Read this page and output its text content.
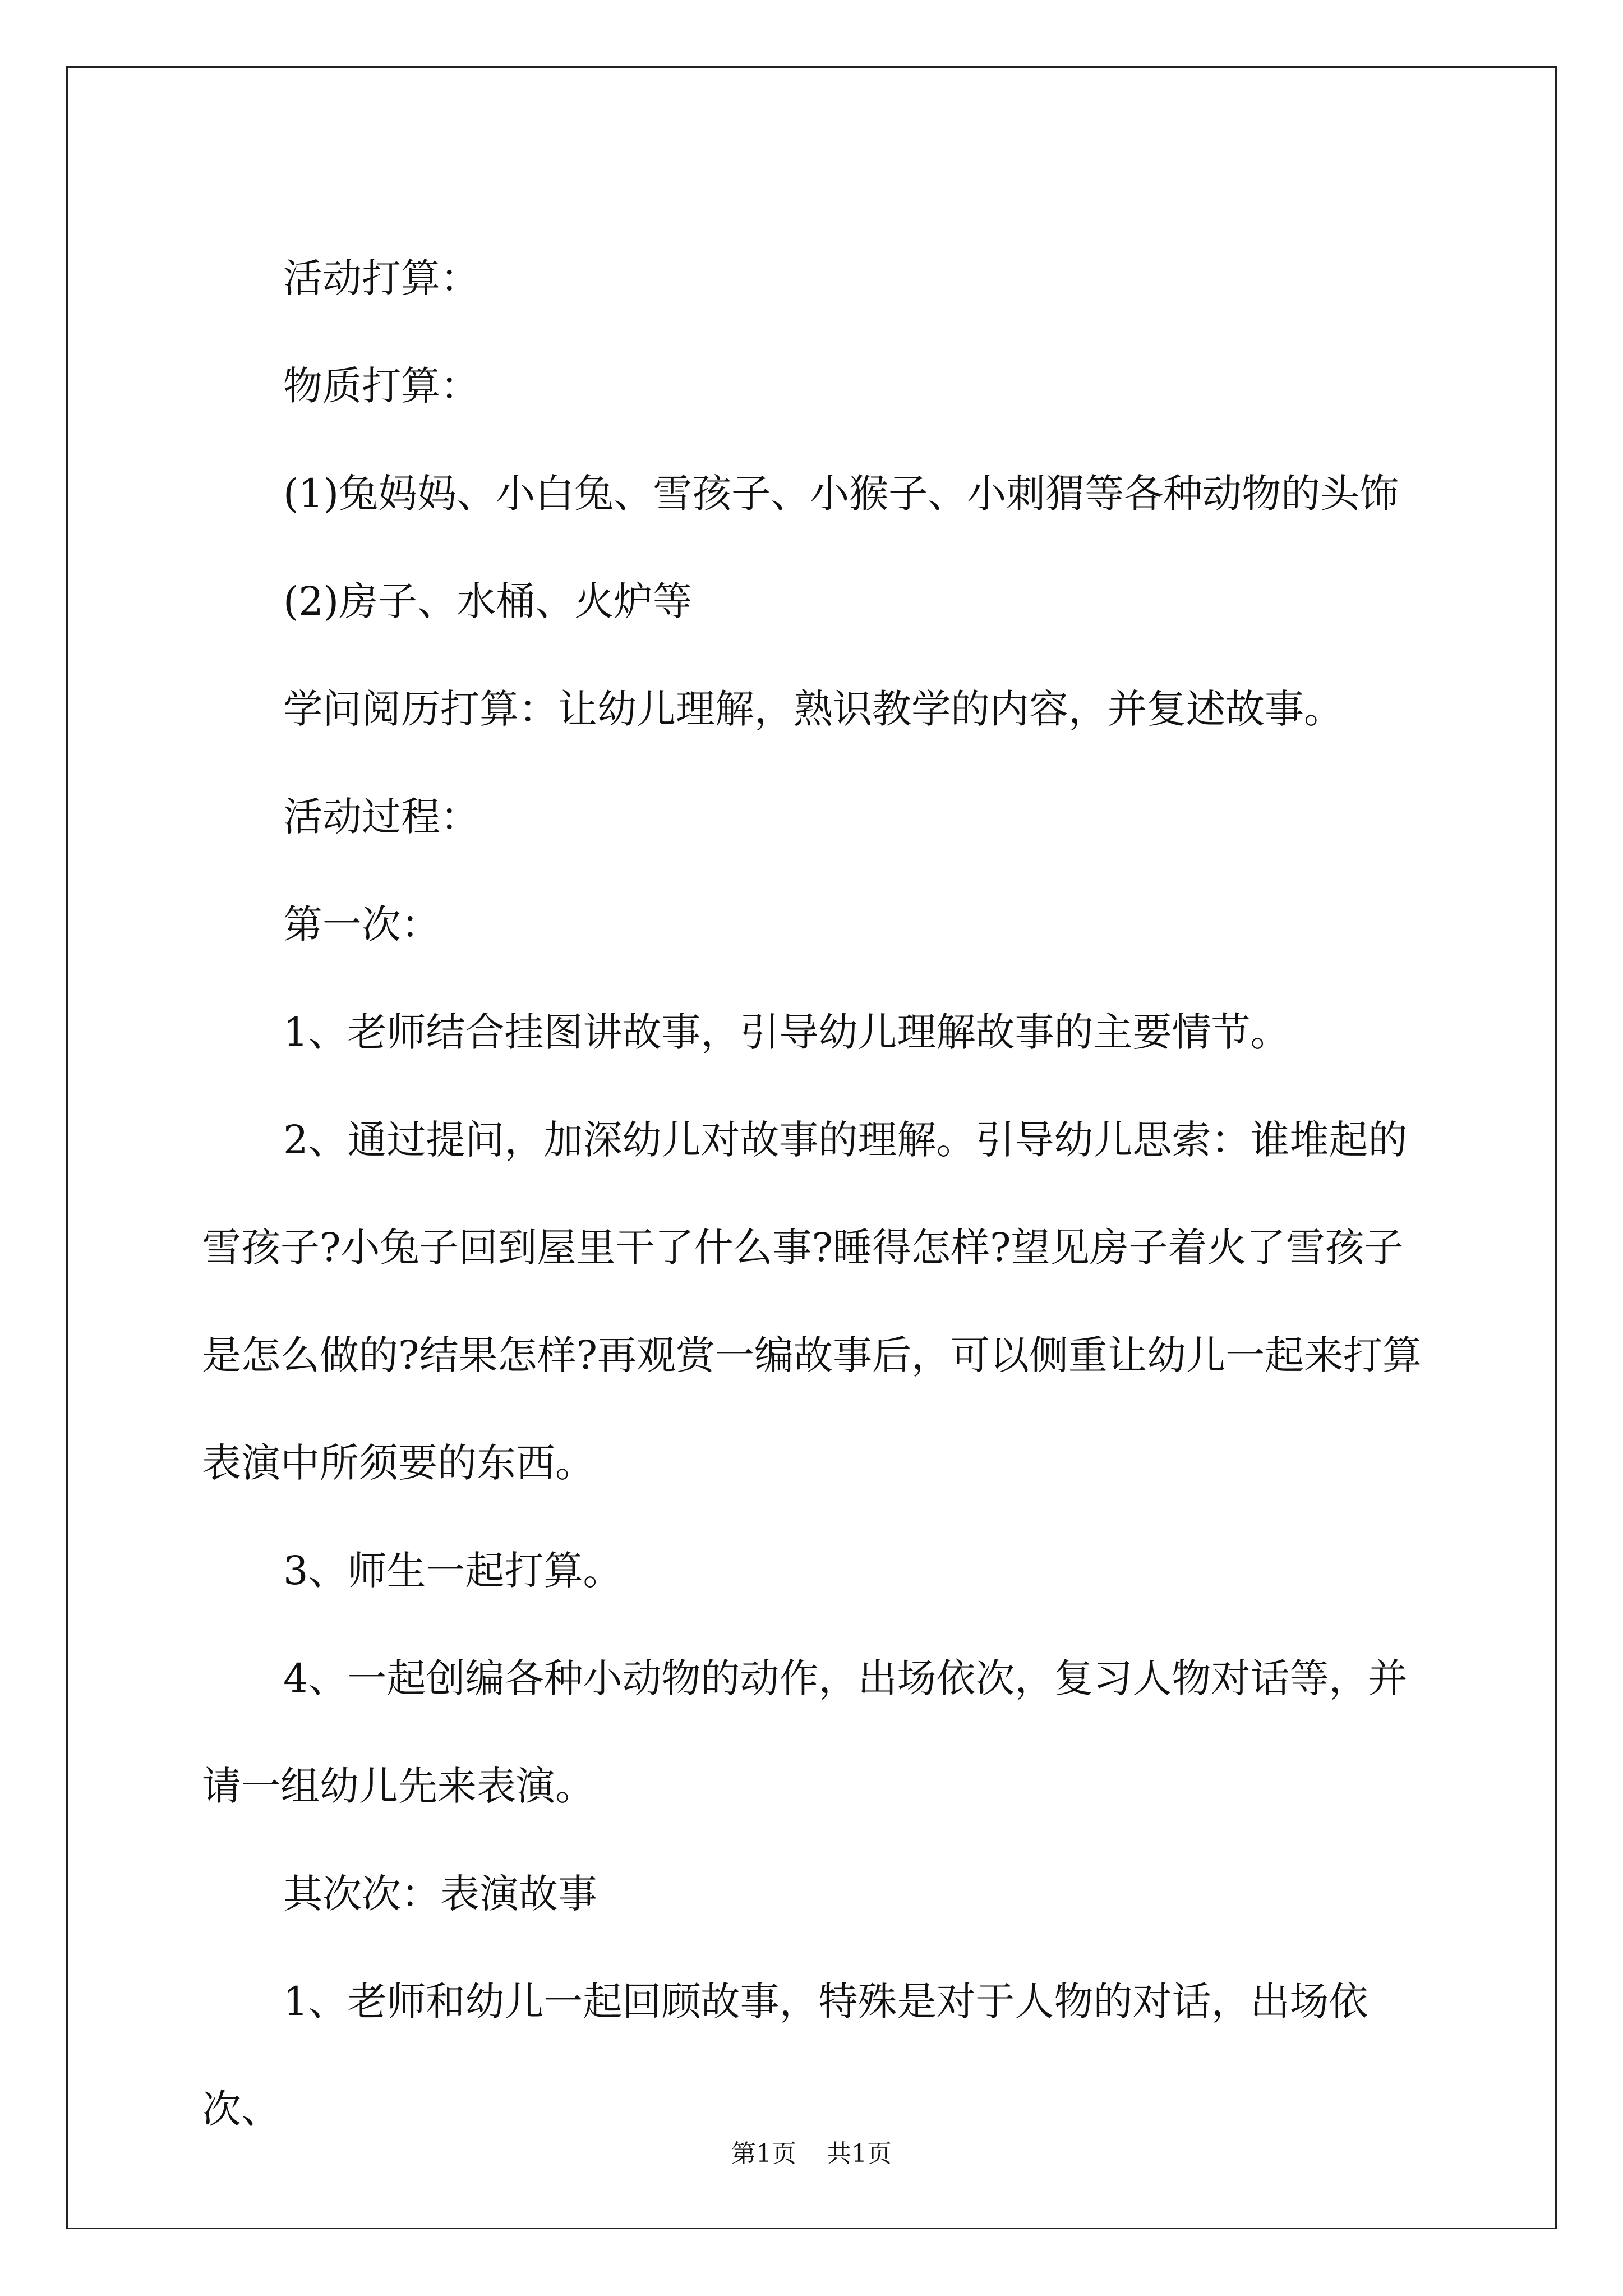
活动打算：

物质打算：

(1)兔妈妈、小白兔、雪孩子、小猴子、小刺猬等各种动物的头饰

(2)房子、水桶、火炉等

学问阅历打算：让幼儿理解，熟识教学的内容，并复述故事。

活动过程：

第一次：

1、老师结合挂图讲故事，引导幼儿理解故事的主要情节。

2、通过提问，加深幼儿对故事的理解。引导幼儿思索：谁堆起的雪孩子?小兔子回到屋里干了什么事?睡得怎样?望见房子着火了雪孩子是怎么做的?结果怎样?再观赏一编故事后，可以侧重让幼儿一起来打算表演中所须要的东西。

3、师生一起打算。

4、一起创编各种小动物的动作，出场依次，复习人物对话等，并请一组幼儿先来表演。

其次次：表演故事

1、老师和幼儿一起回顾故事，特殊是对于人物的对话，出场依次、

第1页 共1页
